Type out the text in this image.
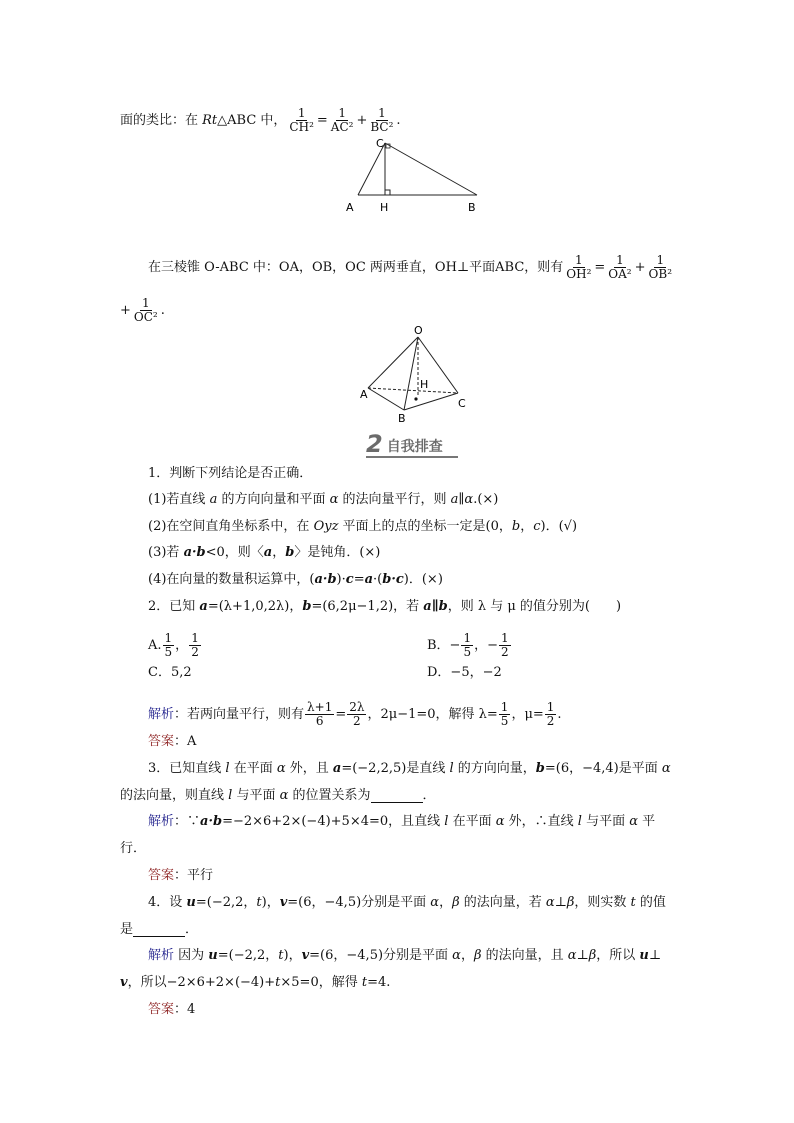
面的类比：在 Rt △ABC 中， $\frac{1}{\text{CH²}} = \frac{1}{\text{AC²}} + \frac{1}{\text{BC²}}$ .
在三棱锥 O-ABC 中：OA，OB，OC 两两垂直，OH⊥平面ABC，则有 $\frac{1}{\text{OH²}} = \frac{1}{\text{OA²}} + \frac{1}{\text{OB²}}$
+ $\frac{1}{\text{OC²}}$ .
1．判断下列结论是否正确．
(1)若直线 a 的方向向量和平面 α 的法向量平行，则 a∥α .(×)
(2)在空间直角坐标系中，在 Oyz 平面上的点的坐标一定是(0， b ， c )．(√)
(3)若 a·b <0，则〈 a ， b 〉是钝角．(×)
(4)在向量的数量积运算中，( a·b )· c = a ·( b·c )．(×)
2．已知 a =(λ+1,0,2λ)， b =(6,2μ−1,2)，若 a∥b ，则 λ 与 μ 的值分别为(　　)
A. $\frac{1}{5}$ ， $\frac{1}{2}$	B．− $\frac{1}{5}$ ，− $\frac{1}{2}$
C．5,2	D．−5，−2
解析 ：若两向量平行，则有 $\frac{\lambda+1}{6} = \frac{2\lambda}{2}$ ，2μ−1=0，解得 $\lambda= \frac{1}{5}$ ，$\mu= \frac{1}{2}$ .
答案 ：A
3．已知直线 l 在平面 α 外，且 a =(−2,2,5)是直线 l 的方向向量， b =(6，−4,4)是平面 α
的法向量，则直线 l 与平面 α 的位置关系为	．
解析 ：∵ a·b =−2×6+2×(−4)+5×4=0，且直线 l 在平面 α 外，∴直线 l 与平面 α 平
行．
答案 ：平行
4．设 u =(−2,2， t )， v =(6，−4,5)分别是平面 α ， β 的法向量，若 α ⊥ β ，则实数 t 的值
是	．
解析 因为 u =(−2,2， t )， v =(6，−4,5)分别是平面 α ， β 的法向量，且 α ⊥ β ，所以 u ⊥
v ，所以−2×6+2×(−4)+ t ×5=0，解得 t =4.
答案 ：4
C
A H	B
O
A
B
C
H
2 自我排查
